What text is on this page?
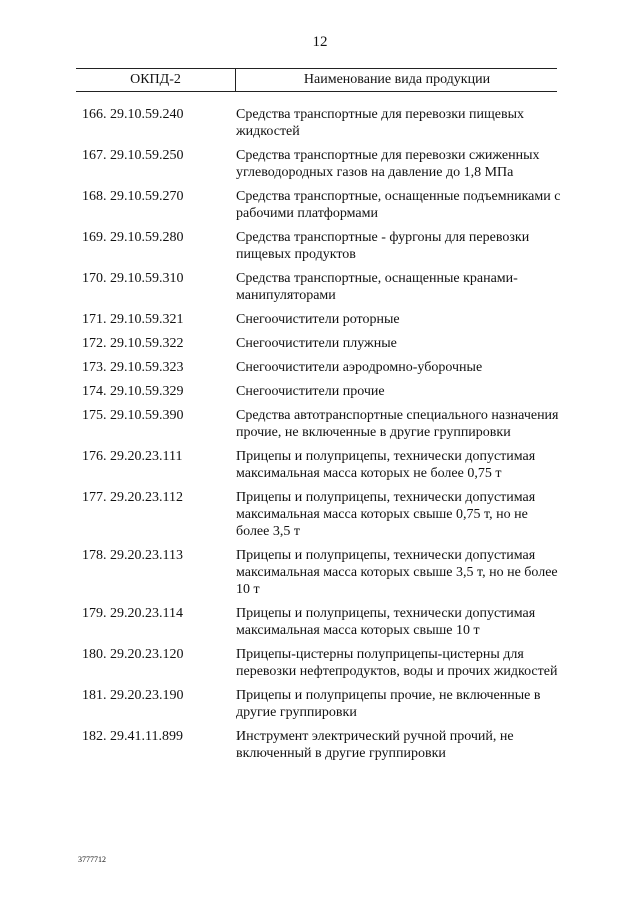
12
ОКПД-2	Наименование вида продукции
166. 29.10.59.240	Средства транспортные для перевозки пищевых жидкостей
167. 29.10.59.250	Средства транспортные для перевозки сжиженных углеводородных газов на давление до 1,8 МПа
168. 29.10.59.270	Средства транспортные, оснащенные подъемниками с рабочими платформами
169. 29.10.59.280	Средства транспортные - фургоны для перевозки пищевых продуктов
170. 29.10.59.310	Средства транспортные, оснащенные кранами-манипуляторами
171. 29.10.59.321	Снегоочистители роторные
172. 29.10.59.322	Снегоочистители плужные
173. 29.10.59.323	Снегоочистители аэродромно-уборочные
174. 29.10.59.329	Снегоочистители прочие
175. 29.10.59.390	Средства автотранспортные специального назначения прочие, не включенные в другие группировки
176. 29.20.23.111	Прицепы и полуприцепы, технически допустимая максимальная масса которых не более 0,75 т
177. 29.20.23.112	Прицепы и полуприцепы, технически допустимая максимальная масса которых свыше 0,75 т, но не более 3,5 т
178. 29.20.23.113	Прицепы и полуприцепы, технически допустимая максимальная масса которых свыше 3,5 т, но не более 10 т
179. 29.20.23.114	Прицепы и полуприцепы, технически допустимая максимальная масса которых свыше 10 т
180. 29.20.23.120	Прицепы-цистерны полуприцепы-цистерны для перевозки нефтепродуктов, воды и прочих жидкостей
181. 29.20.23.190	Прицепы и полуприцепы прочие, не включенные в другие группировки
182. 29.41.11.899	Инструмент электрический ручной прочий, не включенный в другие группировки
3777712
